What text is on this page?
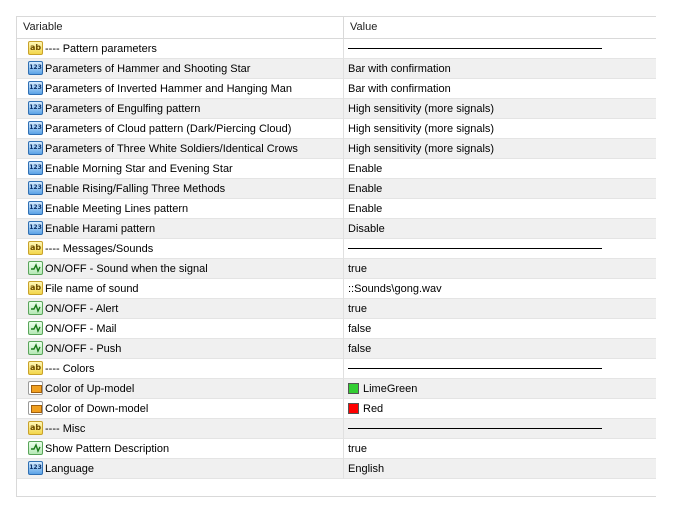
Variable	Value
ab ---- Pattern parameters
123 Parameters of Hammer and Shooting Star	Bar with confirmation
123 Parameters of Inverted Hammer and Hanging Man	Bar with confirmation
123 Parameters of Engulfing pattern	High sensitivity (more signals)
123 Parameters of Cloud pattern (Dark/Piercing Cloud)	High sensitivity (more signals)
123 Parameters of Three White Soldiers/Identical Crows	High sensitivity (more signals)
123 Enable Morning Star and Evening Star	Enable
123 Enable Rising/Falling Three Methods	Enable
123 Enable Meeting Lines pattern	Enable
123 Enable Harami pattern	Disable
ab ---- Messages/Sounds
ON/OFF - Sound when the signal	true
ab File name of sound	::Sounds\gong.wav
ON/OFF - Alert	true
ON/OFF - Mail	false
ON/OFF - Push	false
ab ---- Colors
Color of Up-model	LimeGreen
Color of Down-model	Red
ab ---- Misc
Show Pattern Description	true
123 Language	English
